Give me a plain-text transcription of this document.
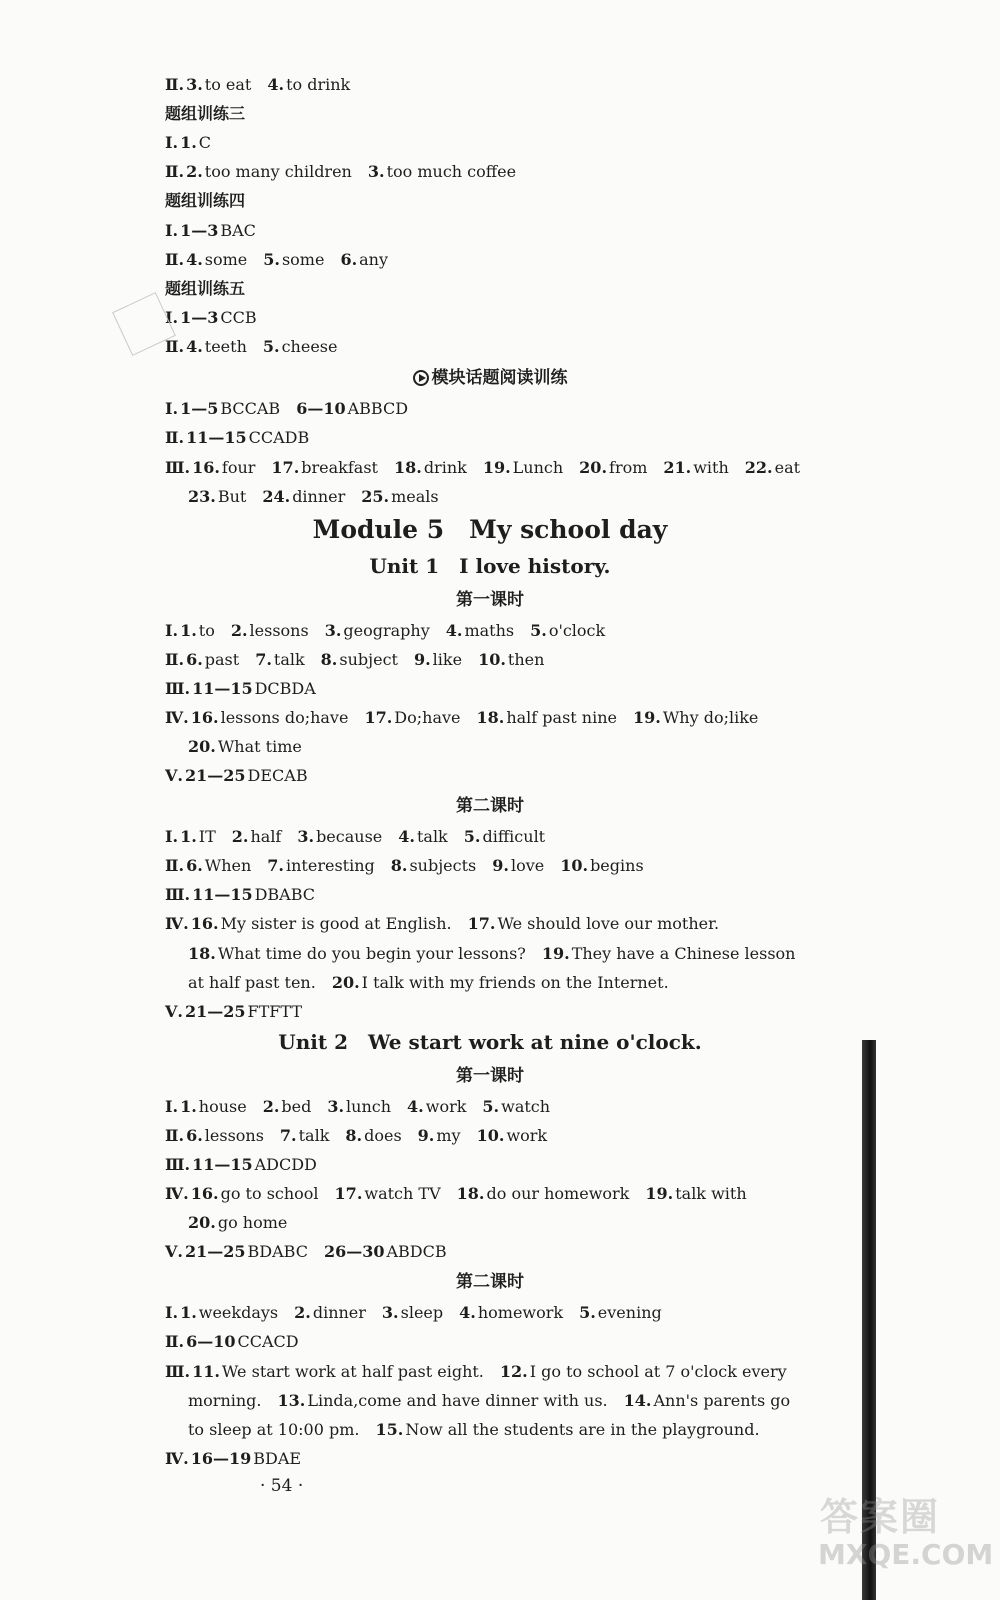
Ⅱ. 3. to eat 4. to drink
Ⅰ. 1. C
Ⅱ. 2. too many children 3. too much coffee
Ⅰ. 1—3 BAC
Ⅱ. 4. some 5. some 6. any
Ⅰ. 1—3 CCB
Ⅱ. 4. teeth 5. cheese
Ⅰ. 1—5 BCCAB 6—10 ABBCD
Ⅱ. 11—15 CCADB
Ⅲ. 16. four 17. breakfast 18. drink 19. Lunch 20. from 21. with 22. eat
23. But 24. dinner 25. meals
Ⅰ. 1. to 2. lessons 3. geography 4. maths 5. o'clock
Ⅱ. 6. past 7. talk 8. subject 9. like 10. then
Ⅲ. 11—15 DCBDA
Ⅳ. 16. lessons do;have 17. Do;have 18. half past nine 19. Why do;like
20. What time
Ⅴ. 21—25 DECAB
Ⅰ. 1. IT 2. half 3. because 4. talk 5. difficult
Ⅱ. 6. When 7. interesting 8. subjects 9. love 10. begins
Ⅲ. 11—15 DBABC
Ⅳ. 16. My sister is good at English. 17. We should love our mother.
18. What time do you begin your lessons? 19. They have a Chinese lesson
at half past ten. 20. I talk with my friends on the Internet.
Ⅴ. 21—25 FTFTT
Ⅰ. 1. house 2. bed 3. lunch 4. work 5. watch
Ⅱ. 6. lessons 7. talk 8. does 9. my 10. work
Ⅲ. 11—15 ADCDD
Ⅳ. 16. go to school 17. watch TV 18. do our homework 19. talk with
20. go home
Ⅴ. 21—25 BDABC 26—30 ABDCB
Ⅰ. 1. weekdays 2. dinner 3. sleep 4. homework 5. evening
Ⅱ. 6—10 CCACD
Ⅲ. 11. We start work at half past eight. 12. I go to school at 7 o'clock every
morning. 13. Linda,come and have dinner with us. 14. Ann's parents go
to sleep at 10:00 pm. 15. Now all the students are in the playground.
Ⅳ. 16—19 BDAE
题组训练三
题组训练四
题组训练五
模块话题阅读训练
Module 5　My school day
Unit 1　I love history.
第一课时
第二课时
Unit 2　We start work at nine o'clock.
第一课时
第二课时
· 54 ·
答案圈
MXQE.COM
